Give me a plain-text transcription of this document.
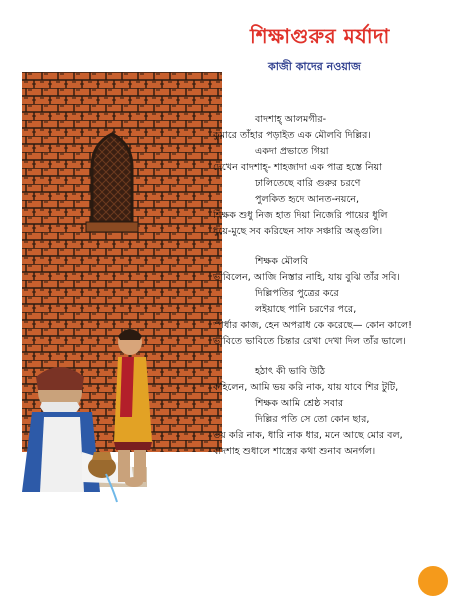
শিক্ষাগুরুর মর্যাদা
কাজী কাদের নওয়াজ
বাদশাহ্ আলমগীর-
কুমারে তাঁহার পড়াইত এক মৌলবি দিল্লির।
একদা প্রভাতে গিয়া
দেখেন বাদশাহ্- শাহজাদা এক পাত্র হস্তে নিয়া
ঢালিতেছে বারি গুরুর চরণে
পুলকিত হৃদে আনত-নয়নে,
শিক্ষক শুধু নিজ হাত দিয়া নিজেরি পায়ের ধুলি
ধুয়ে-মুছে সব করিছেন সাফ সঞ্চারি অঙ্গুলি।
শিক্ষক মৌলবি
ভাবিলেন, আজি নিস্তার নাহি, যায় বুঝি তাঁর সবি।
দিল্লিপতির পুত্রের করে
লইয়াছে পানি চরণের পরে,
স্পর্ধার কাজ, হেন অপরাধ কে করেছে— কোন কালে!
ভাবিতে ভাবিতে চিন্তার রেখা দেখা দিল তাঁর ভালে।
হঠাৎ কী ভাবি উঠি
কহিলেন, আমি ভয় করি নাক, যায় যাবে শির টুটি,
শিক্ষক আমি শ্রেষ্ঠ সবার
দিল্লির পতি সে তো কোন ছার,
ভয় করি নাক, ধারি নাক ধার, মনে আছে মোর বল,
বাদশাহ শুধালে শাস্ত্রের কথা শুনাব অনর্গল।
